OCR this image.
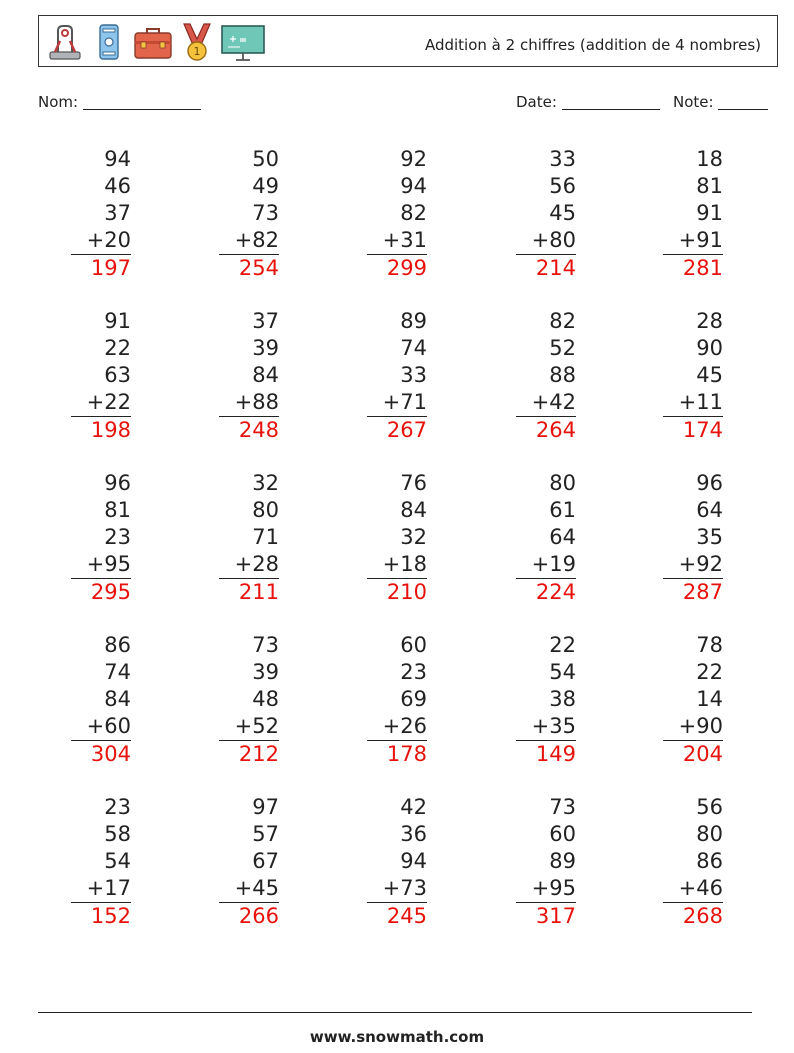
1	Addition à 2 chiffres (addition de 4 nombres)
Nom:	Date:	Note:
94
46
37
+20
197
50
49
73
+82
254
92
94
82
+31
299
33
56
45
+80
214
18
81
91
+91
281
91
22
63
+22
198
37
39
84
+88
248
89
74
33
+71
267
82
52
88
+42
264
28
90
45
+11
174
96
81
23
+95
295
32
80
71
+28
211
76
84
32
+18
210
80
61
64
+19
224
96
64
35
+92
287
86
74
84
+60
304
73
39
48
+52
212
60
23
69
+26
178
22
54
38
+35
149
78
22
14
+90
204
23
58
54
+17
152
97
57
67
+45
266
42
36
94
+73
245
73
60
89
+95
317
56
80
86
+46
268
www.snowmath.com
